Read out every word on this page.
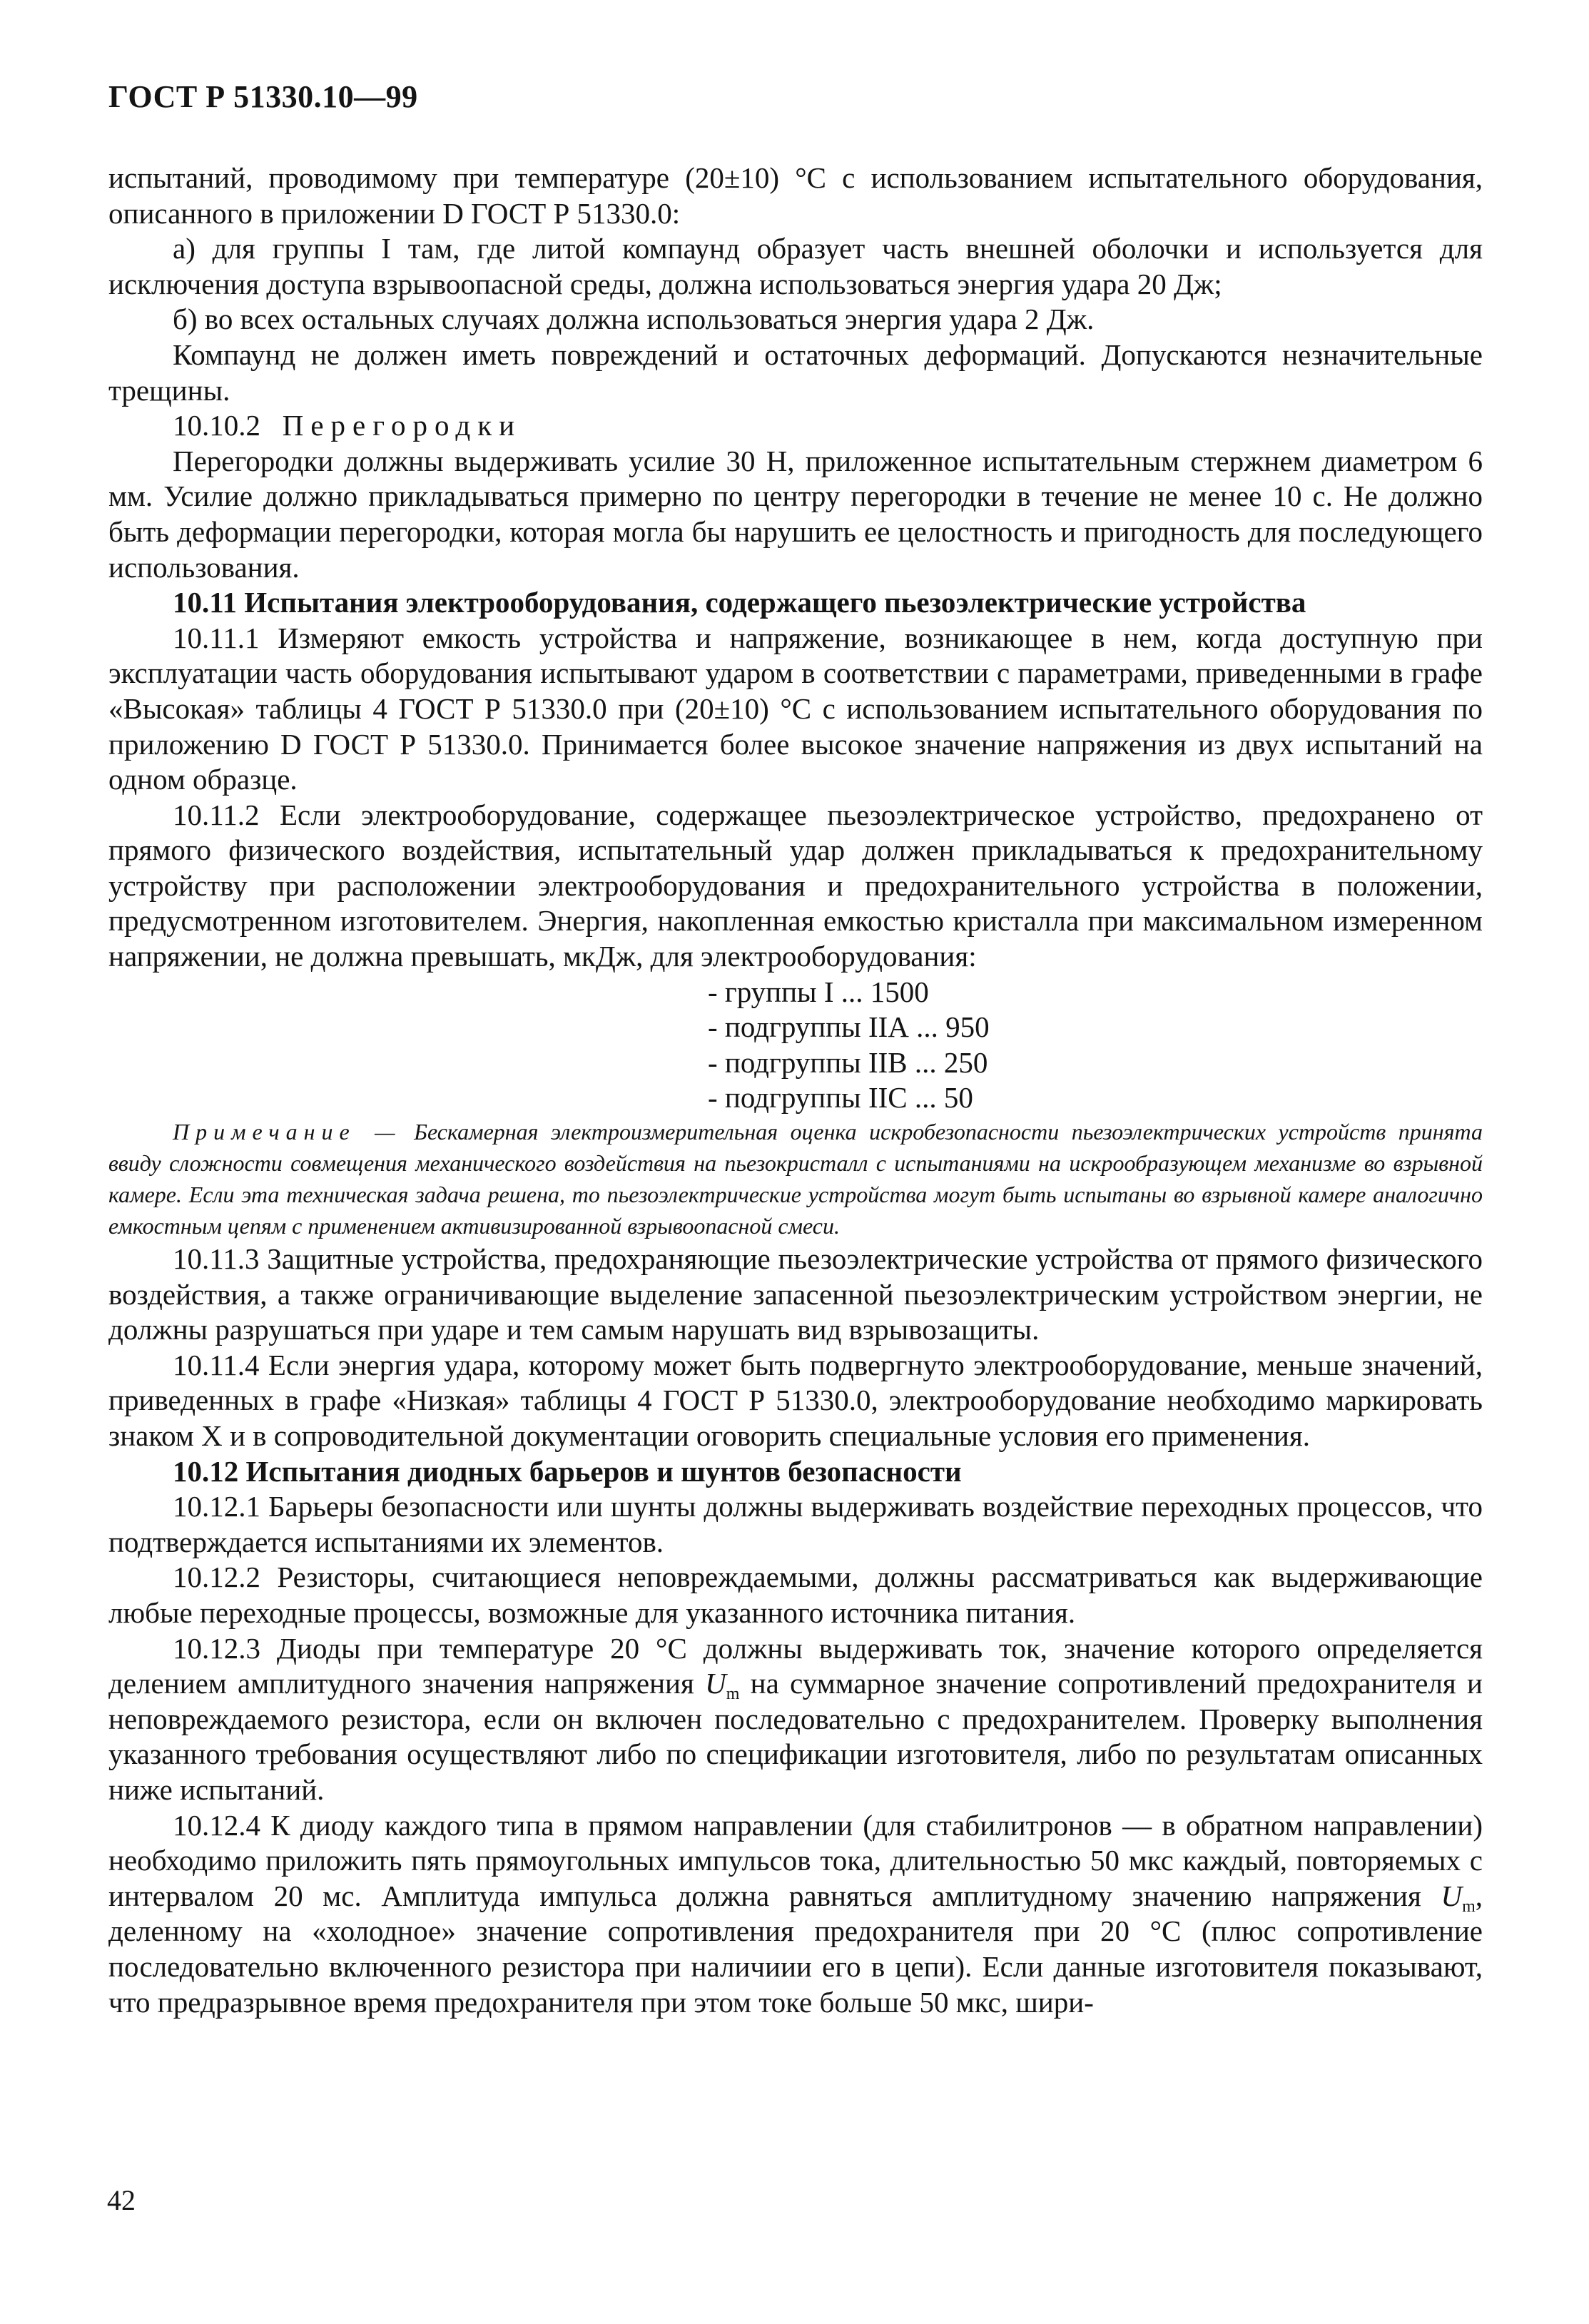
ГОСТ Р 51330.10—99

испытаний, проводимому при температуре (20±10) °С с использованием испытательного оборудования, описанного в приложении D ГОСТ Р 51330.0:

а) для группы I там, где литой компаунд образует часть внешней оболочки и используется для исключения доступа взрывоопасной среды, должна использоваться энергия удара 20 Дж;

б) во всех остальных случаях должна использоваться энергия удара 2 Дж.

Компаунд не должен иметь повреждений и остаточных деформаций. Допускаются незначительные трещины.

10.10.2 Перегородки

Перегородки должны выдерживать усилие 30 Н, приложенное испытательным стержнем диаметром 6 мм. Усилие должно прикладываться примерно по центру перегородки в течение не менее 10 с. Не должно быть деформации перегородки, которая могла бы нарушить ее целостность и пригодность для последующего использования.

10.11 Испытания электрооборудования, содержащего пьезоэлектрические устройства

10.11.1 Измеряют емкость устройства и напряжение, возникающее в нем, когда доступную при эксплуатации часть оборудования испытывают ударом в соответствии с параметрами, приведенными в графе «Высокая» таблицы 4 ГОСТ Р 51330.0 при (20±10) °С с использованием испытательного оборудования по приложению D ГОСТ Р 51330.0. Принимается более высокое значение напряжения из двух испытаний на одном образце.

10.11.2 Если электрооборудование, содержащее пьезоэлектрическое устройство, предохранено от прямого физического воздействия, испытательный удар должен прикладываться к предохранительному устройству при расположении электрооборудования и предохранительного устройства в положении, предусмотренном изготовителем. Энергия, накопленная емкостью кристалла при максимальном измеренном напряжении, не должна превышать, мкДж, для электрооборудования:

- группы I ... 1500
- подгруппы IIА ... 950
- подгруппы IIВ ... 250
- подгруппы IIС ... 50

Примечание — Бескамерная электроизмерительная оценка искробезопасности пьезоэлектрических устройств принята ввиду сложности совмещения механического воздействия на пьезокристалл с испытаниями на искрообразующем механизме во взрывной камере. Если эта техническая задача решена, то пьезоэлектрические устройства могут быть испытаны во взрывной камере аналогично емкостным цепям с применением активизированной взрывоопасной смеси.

10.11.3 Защитные устройства, предохраняющие пьезоэлектрические устройства от прямого физического воздействия, а также ограничивающие выделение запасенной пьезоэлектрическим устройством энергии, не должны разрушаться при ударе и тем самым нарушать вид взрывозащиты.

10.11.4 Если энергия удара, которому может быть подвергнуто электрооборудование, меньше значений, приведенных в графе «Низкая» таблицы 4 ГОСТ Р 51330.0, электрооборудование необходимо маркировать знаком Х и в сопроводительной документации оговорить специальные условия его применения.

10.12 Испытания диодных барьеров и шунтов безопасности

10.12.1 Барьеры безопасности или шунты должны выдерживать воздействие переходных процессов, что подтверждается испытаниями их элементов.

10.12.2 Резисторы, считающиеся неповреждаемыми, должны рассматриваться как выдерживающие любые переходные процессы, возможные для указанного источника питания.

10.12.3 Диоды при температуре 20 °С должны выдерживать ток, значение которого определяется делением амплитудного значения напряжения $U_m$ на суммарное значение сопротивлений предохранителя и неповреждаемого резистора, если он включен последовательно с предохранителем. Проверку выполнения указанного требования осуществляют либо по спецификации изготовителя, либо по результатам описанных ниже испытаний.

10.12.4 К диоду каждого типа в прямом направлении (для стабилитронов — в обратном направлении) необходимо приложить пять прямоугольных импульсов тока, длительностью 50 мкс каждый, повторяемых с интервалом 20 мс. Амплитуда импульса должна равняться амплитудному значению напряжения $U_m$, деленному на «холодное» значение сопротивления предохранителя при 20 °С (плюс сопротивление последовательно включенного резистора при наличиии его в цепи). Если данные изготовителя показывают, что предразрывное время предохранителя при этом токе больше 50 мкс, шири-

42
